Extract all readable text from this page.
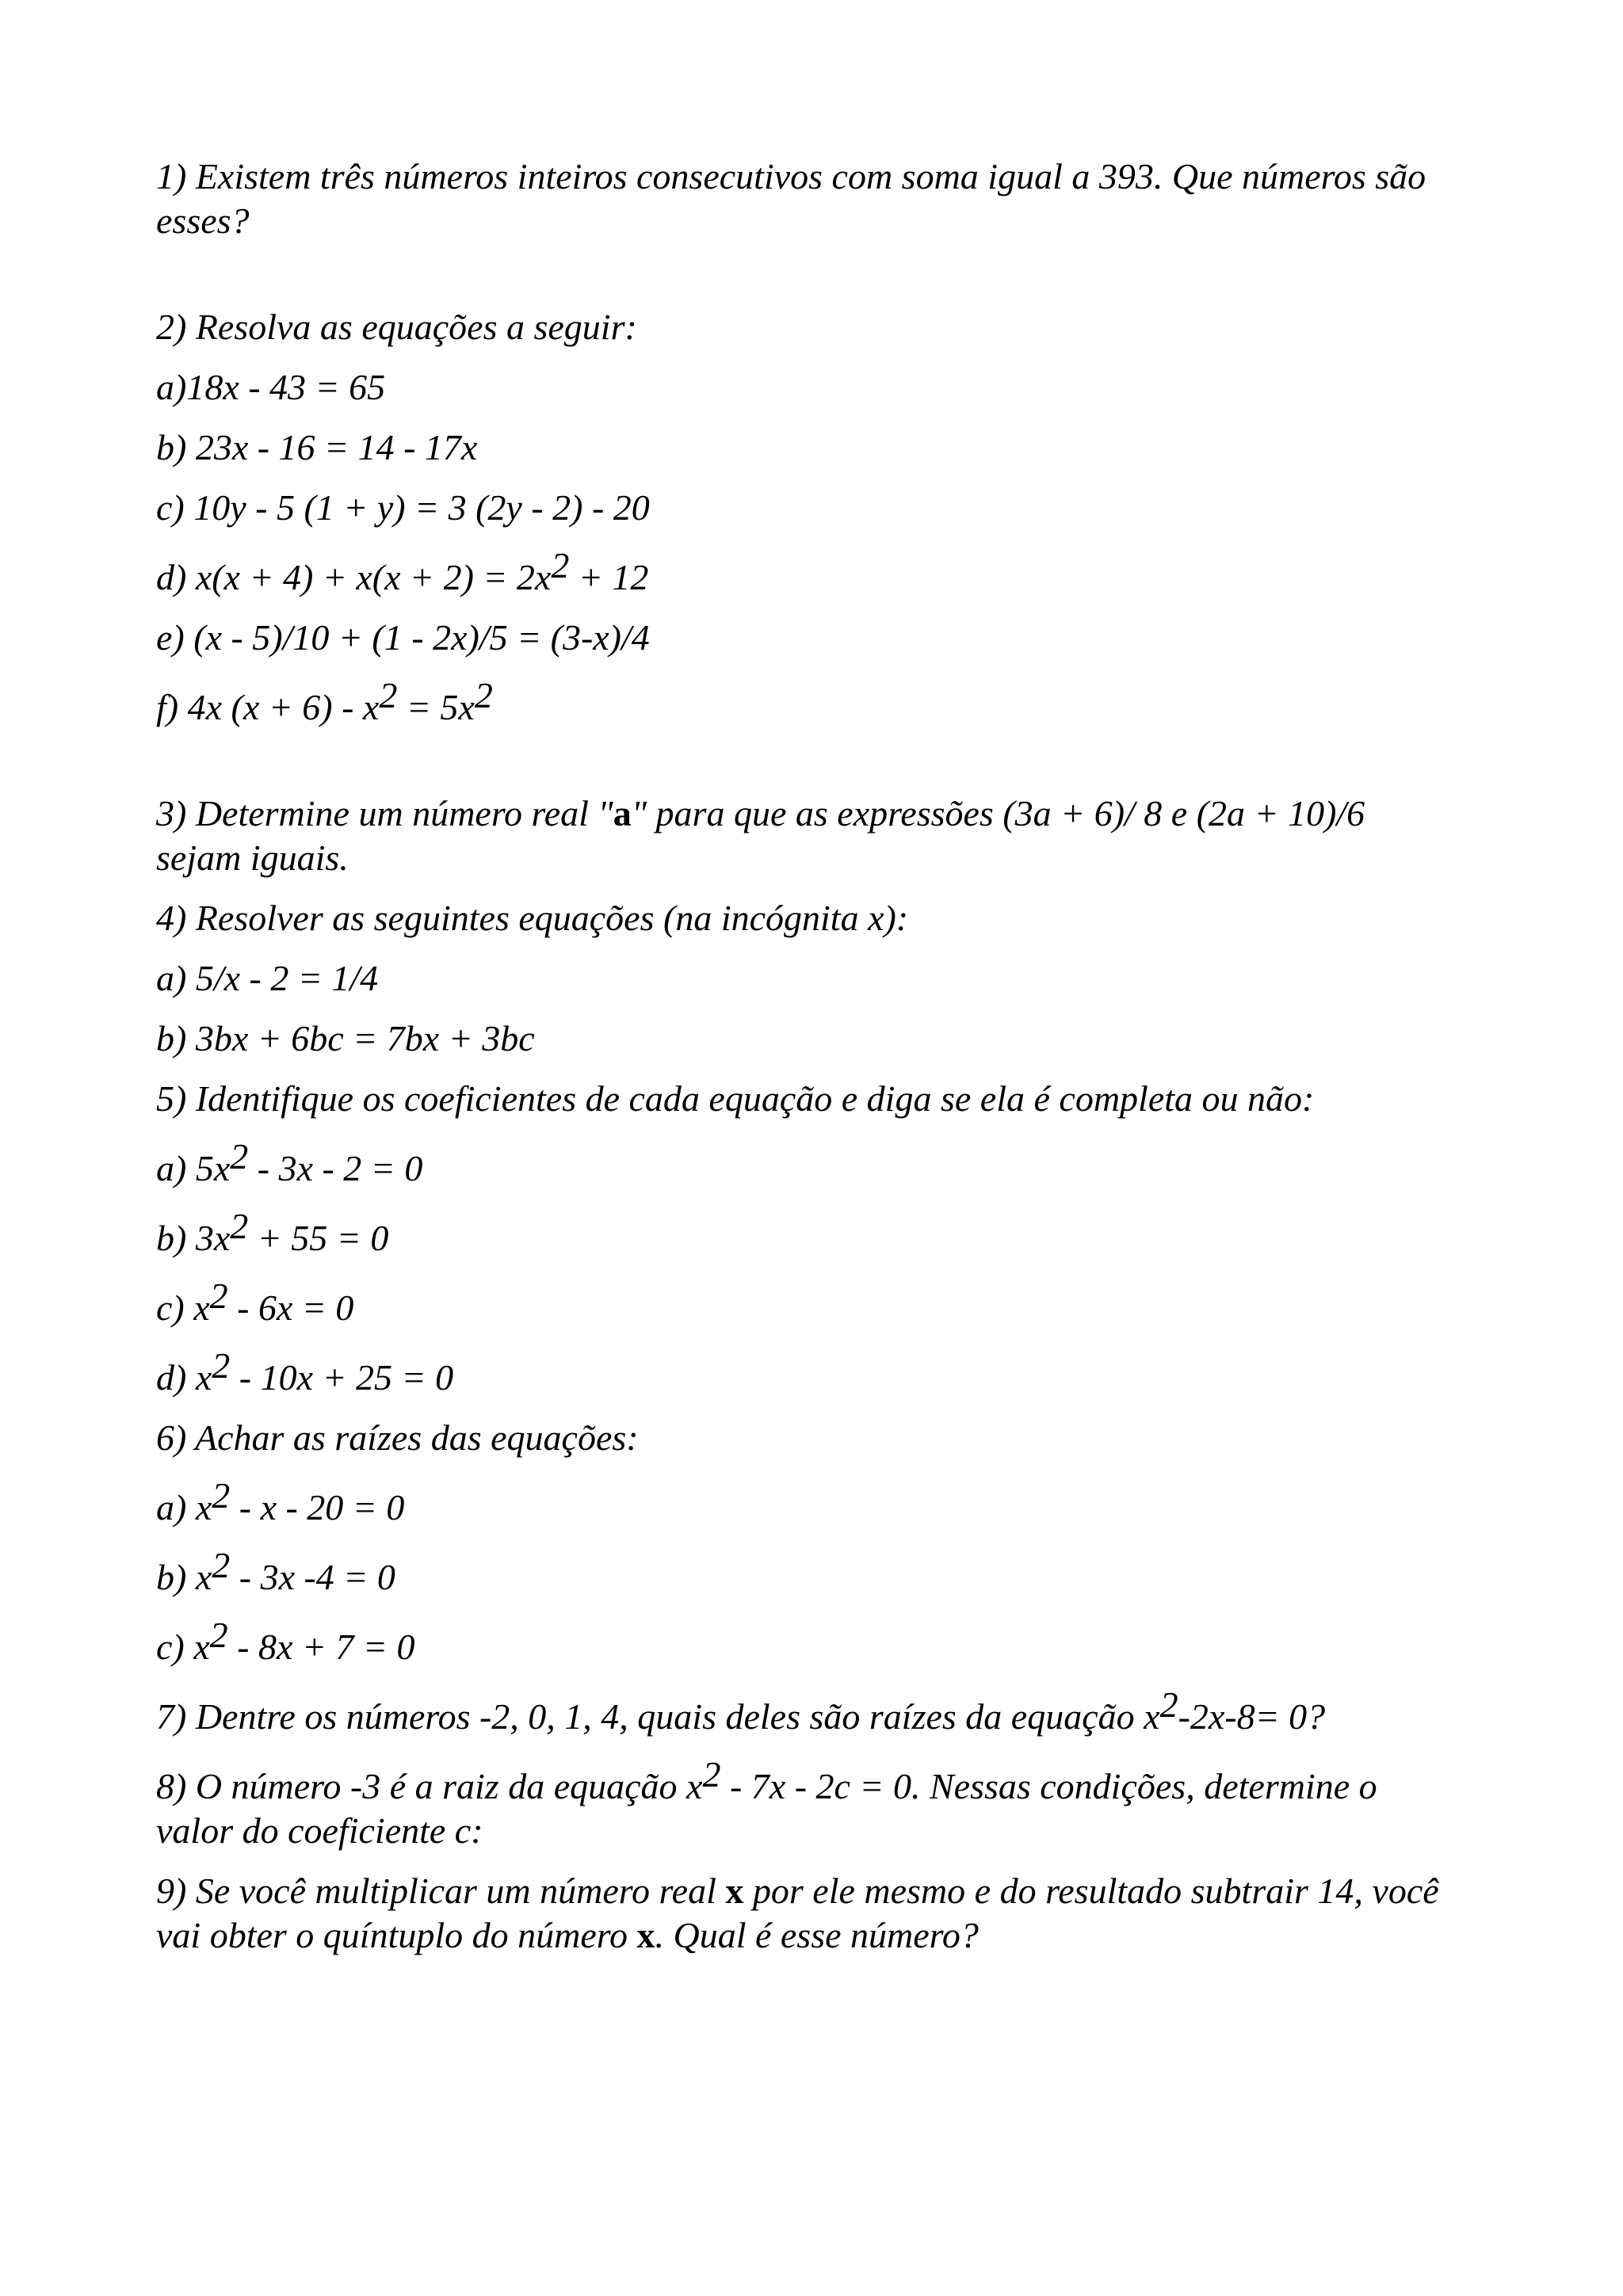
1) Existem três números inteiros consecutivos com soma igual a 393. Que números são esses?
2) Resolva as equações a seguir:
a)18x - 43 = 65
b) 23x - 16 = 14 - 17x
c) 10y - 5 (1 + y) = 3 (2y - 2) - 20
d) x(x + 4) + x(x + 2) = 2x2 + 12
e) (x - 5)/10 + (1 - 2x)/5 = (3-x)/4
f) 4x (x + 6) - x2 = 5x2
3) Determine um número real "a" para que as expressões (3a + 6)/ 8 e (2a + 10)/6 sejam iguais.
4) Resolver as seguintes equações (na incógnita x):
a) 5/x - 2 = 1/4
b) 3bx + 6bc = 7bx + 3bc
5) Identifique os coeficientes de cada equação e diga se ela é completa ou não:
a) 5x2 - 3x - 2 = 0
b) 3x2 + 55 = 0
c) x2 - 6x = 0
d) x2 - 10x + 25 = 0
6) Achar as raízes das equações:
a) x2 - x - 20 = 0
b) x2 - 3x -4 = 0
c) x2 - 8x + 7 = 0
7) Dentre os números -2, 0, 1, 4, quais deles são raízes da equação x2-2x-8= 0?
8) O número -3 é a raiz da equação x2 - 7x - 2c = 0. Nessas condições, determine o valor do coeficiente c:
9) Se você multiplicar um número real x por ele mesmo e do resultado subtrair 14, você vai obter o quíntuplo do número x. Qual é esse número?
